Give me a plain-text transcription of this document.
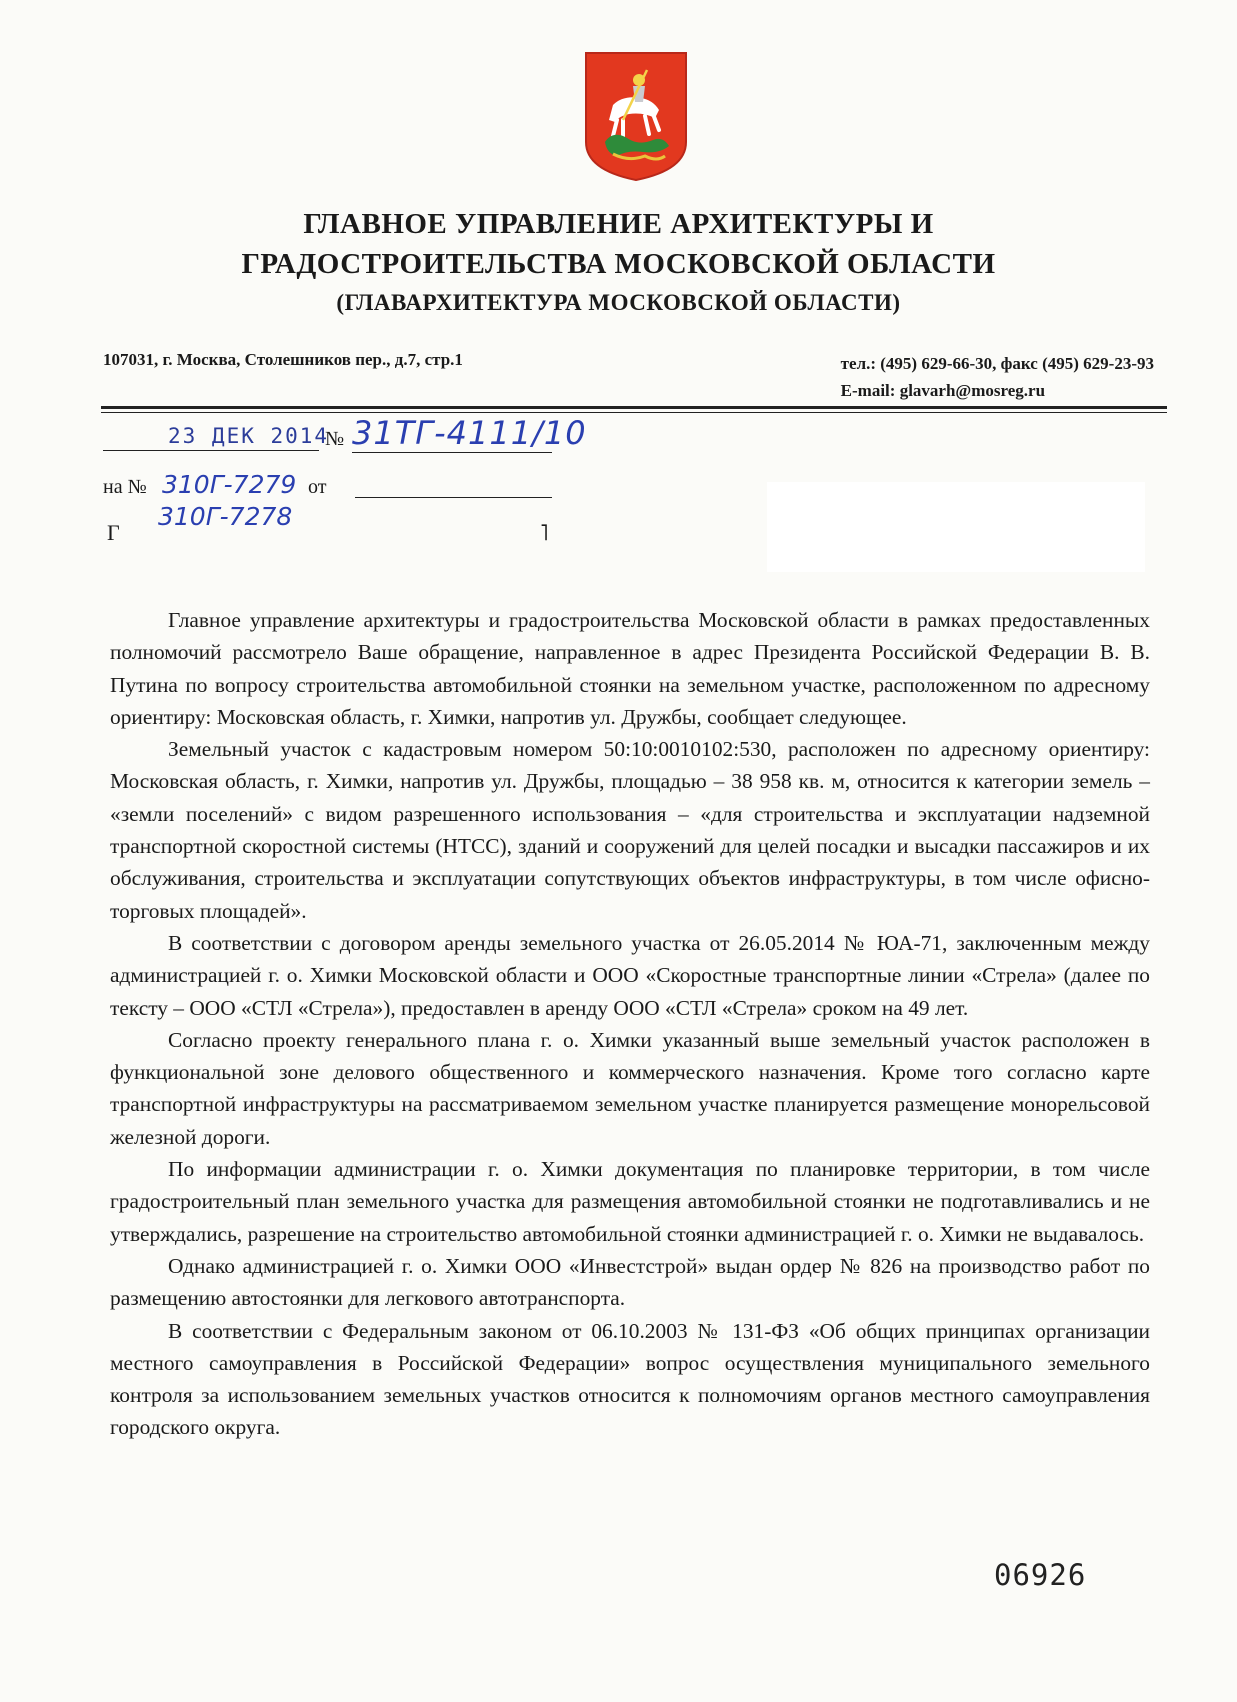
ГЛАВНОЕ УПРАВЛЕНИЕ АРХИТЕКТУРЫ И
ГРАДОСТРОИТЕЛЬСТВА МОСКОВСКОЙ ОБЛАСТИ
(ГЛАВАРХИТЕКТУРА МОСКОВСКОЙ ОБЛАСТИ)
107031, г. Москва, Столешников пер., д.7, стр.1	тел.: (495) 629-66-30, факс (495) 629-23-93
E-mail: glavarh@mosreg.ru
23 ДЕК 2014
№ 31ТГ-4111/10
на № 310Г-7279 от
310Г-7278
Г	˥

Главное управление архитектуры и градостроительства Московской области в рамках предоставленных полномочий рассмотрело Ваше обращение, направленное в адрес Президента Российской Федерации В. В. Путина по вопросу строительства автомобильной стоянки на земельном участке, расположенном по адресному ориентиру: Московская область, г. Химки, напротив ул. Дружбы, сообщает следующее.

Земельный участок с кадастровым номером 50:10:0010102:530, расположен по адресному ориентиру: Московская область, г. Химки, напротив ул. Дружбы, площадью – 38 958 кв. м, относится к категории земель – «земли поселений» с видом разрешенного использования – «для строительства и эксплуатации надземной транспортной скоростной системы (НТСС), зданий и сооружений для целей посадки и высадки пассажиров и их обслуживания, строительства и эксплуатации сопутствующих объектов инфраструктуры, в том числе офисно-торговых площадей».

В соответствии с договором аренды земельного участка от 26.05.2014 № ЮА-71, заключенным между администрацией г. о. Химки Московской области и ООО «Скоростные транспортные линии «Стрела» (далее по тексту – ООО «СТЛ «Стрела»), предоставлен в аренду ООО «СТЛ «Стрела» сроком на 49 лет.

Согласно проекту генерального плана г. о. Химки указанный выше земельный участок расположен в функциональной зоне делового общественного и коммерческого назначения. Кроме того согласно карте транспортной инфраструктуры на рассматриваемом земельном участке планируется размещение монорельсовой железной дороги.

По информации администрации г. о. Химки документация по планировке территории, в том числе градостроительный план земельного участка для размещения автомобильной стоянки не подготавливались и не утверждались, разрешение на строительство автомобильной стоянки администрацией г. о. Химки не выдавалось.

Однако администрацией г. о. Химки ООО «Инвестстрой» выдан ордер № 826 на производство работ по размещению автостоянки для легкового автотранспорта.

В соответствии с Федеральным законом от 06.10.2003 № 131-ФЗ «Об общих принципах организации местного самоуправления в Российской Федерации» вопрос осуществления муниципального земельного контроля за использованием земельных участков относится к полномочиям органов местного самоуправления городского округа.

06926
